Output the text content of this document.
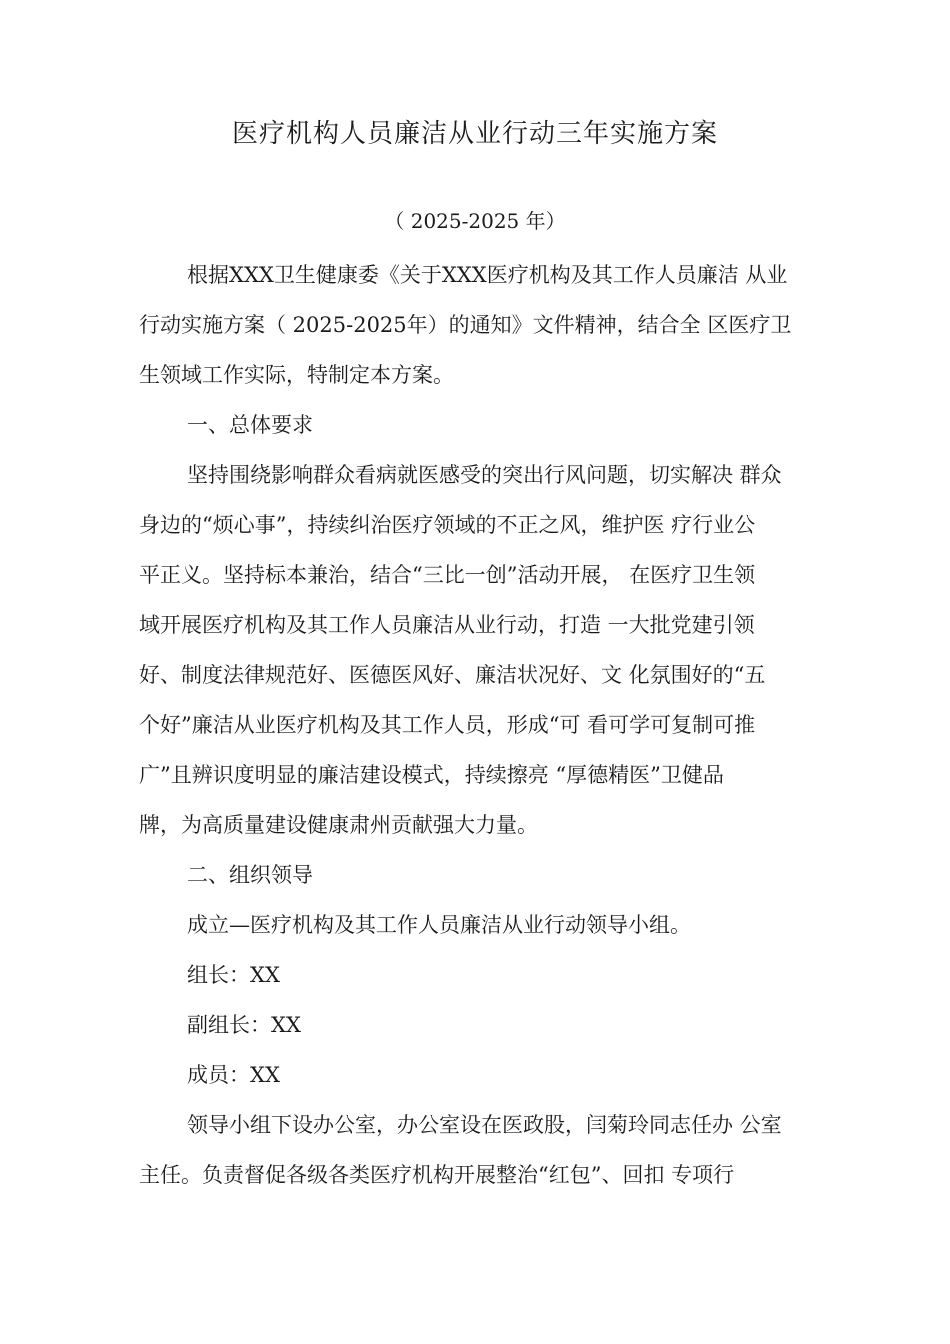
医疗机构人员廉洁从业行动三年实施方案
（ 2025-2025 年）

根据XXX卫生健康委《关于XXX医疗机构及其工作人员廉洁 从业
行动实施方案（ 2025-2025年）的通知》文件精神，结合全 区医疗卫
生领域工作实际，特制定本方案。

一、总体要求

坚持围绕影响群众看病就医感受的突出行风问题，切实解决 群众
身边的“烦心事”，持续纠治医疗领域的不正之风，维护医 疗行业公
平正义。坚持标本兼治，结合“三比一创”活动开展， 在医疗卫生领
域开展医疗机构及其工作人员廉洁从业行动，打造 一大批党建引领
好、制度法律规范好、医德医风好、廉洁状况好、文 化氛围好的“五
个好”廉洁从业医疗机构及其工作人员，形成“可 看可学可复制可推
广”且辨识度明显的廉洁建设模式，持续擦亮 “厚德精医”卫健品
牌，为高质量建设健康肃州贡献强大力量。

二、组织领导

成立—医疗机构及其工作人员廉洁从业行动领导小组。

组长：XX

副组长：XX

成员：XX

领导小组下设办公室，办公室设在医政股，闫菊玲同志任办 公室
主任。负责督促各级各类医疗机构开展整治“红包”、回扣 专项行
